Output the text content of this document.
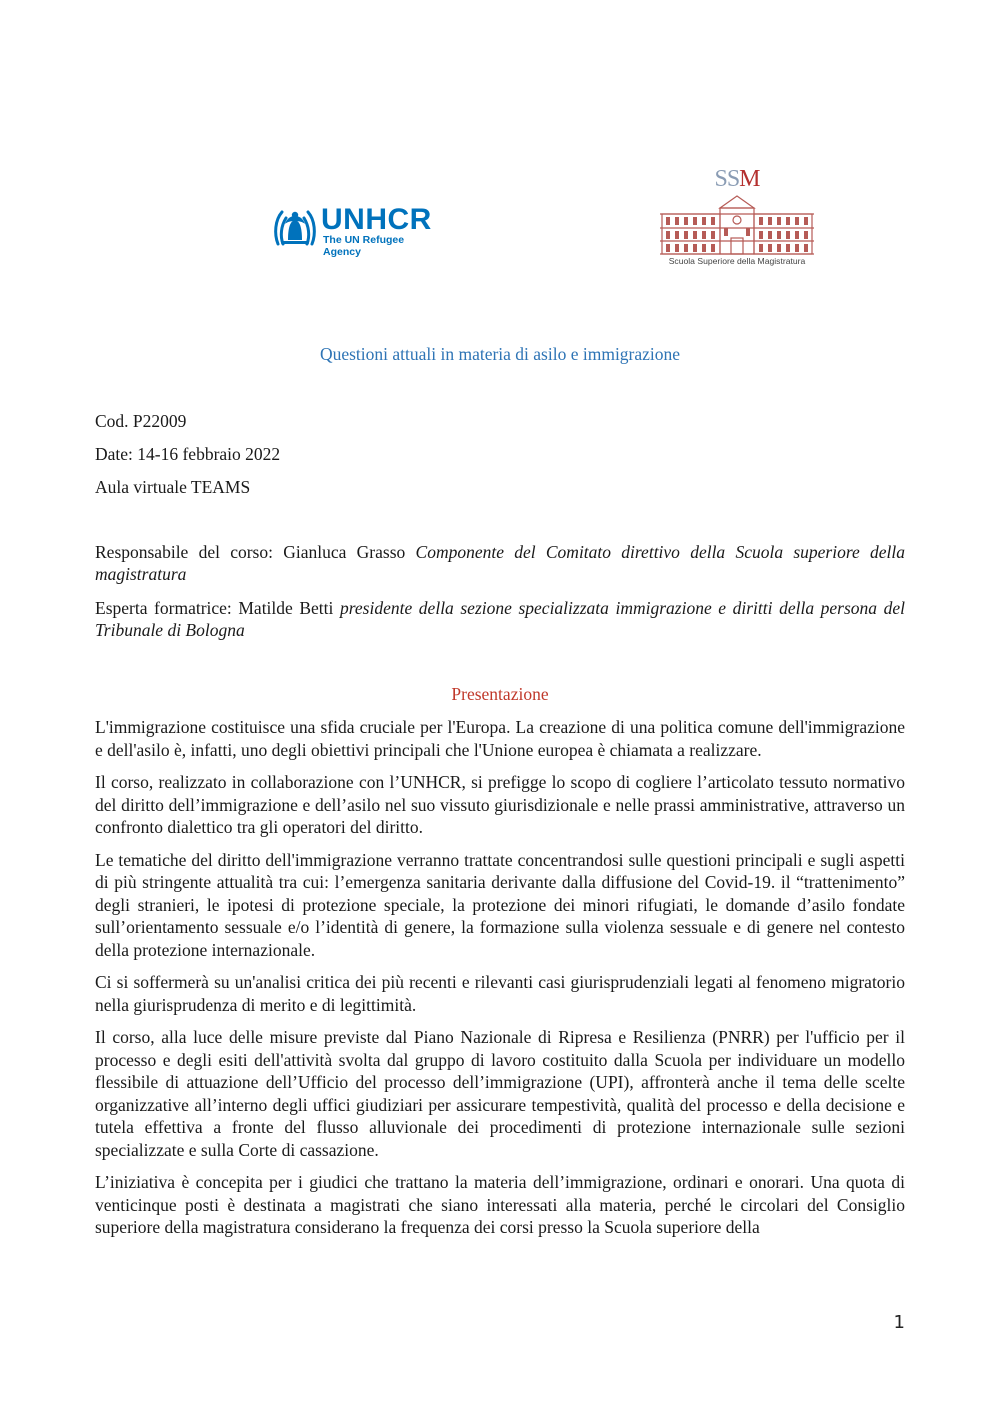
UNHCR
The UN Refugee Agency
SSM
Scuola Superiore della Magistratura
Questioni attuali in materia di asilo e immigrazione
Cod. P22009
Date: 14-16 febbraio 2022
Aula virtuale TEAMS
Responsabile del corso: Gianluca Grasso Componente del Comitato direttivo della Scuola superiore della magistratura
Esperta formatrice: Matilde Betti presidente della sezione specializzata immigrazione e diritti della persona del Tribunale di Bologna
Presentazione

L'immigrazione costituisce una sfida cruciale per l'Europa. La creazione di una politica comune dell'immigrazione e dell'asilo è, infatti, uno degli obiettivi principali che l'Unione europea è chiamata a realizzare.

Il corso, realizzato in collaborazione con l’UNHCR, si prefigge lo scopo di cogliere l’articolato tessuto normativo del diritto dell’immigrazione e dell’asilo nel suo vissuto giurisdizionale e nelle prassi amministrative, attraverso un confronto dialettico tra gli operatori del diritto.

Le tematiche del diritto dell'immigrazione verranno trattate concentrandosi sulle questioni principali e sugli aspetti di più stringente attualità tra cui: l’emergenza sanitaria derivante dalla diffusione del Covid-19. il “trattenimento” degli stranieri, le ipotesi di protezione speciale, la protezione dei minori rifugiati, le domande d’asilo fondate sull’orientamento sessuale e/o l’identità di genere, la formazione sulla violenza sessuale e di genere nel contesto della protezione internazionale.

Ci si soffermerà su un'analisi critica dei più recenti e rilevanti casi giurisprudenziali legati al fenomeno migratorio nella giurisprudenza di merito e di legittimità.

Il corso, alla luce delle misure previste dal Piano Nazionale di Ripresa e Resilienza (PNRR) per l'ufficio per il processo e degli esiti dell'attività svolta dal gruppo di lavoro costituito dalla Scuola per individuare un modello flessibile di attuazione dell’Ufficio del processo dell’immigrazione (UPI), affronterà anche il tema delle scelte organizzative all’interno degli uffici giudiziari per assicurare tempestività, qualità del processo e della decisione e tutela effettiva a fronte del flusso alluvionale dei procedimenti di protezione internazionale sulle sezioni specializzate e sulla Corte di cassazione.

L’iniziativa è concepita per i giudici che trattano la materia dell’immigrazione, ordinari e onorari. Una quota di venticinque posti è destinata a magistrati che siano interessati alla materia, perché le circolari del Consiglio superiore della magistratura considerano la frequenza dei corsi presso la Scuola superiore della

1
